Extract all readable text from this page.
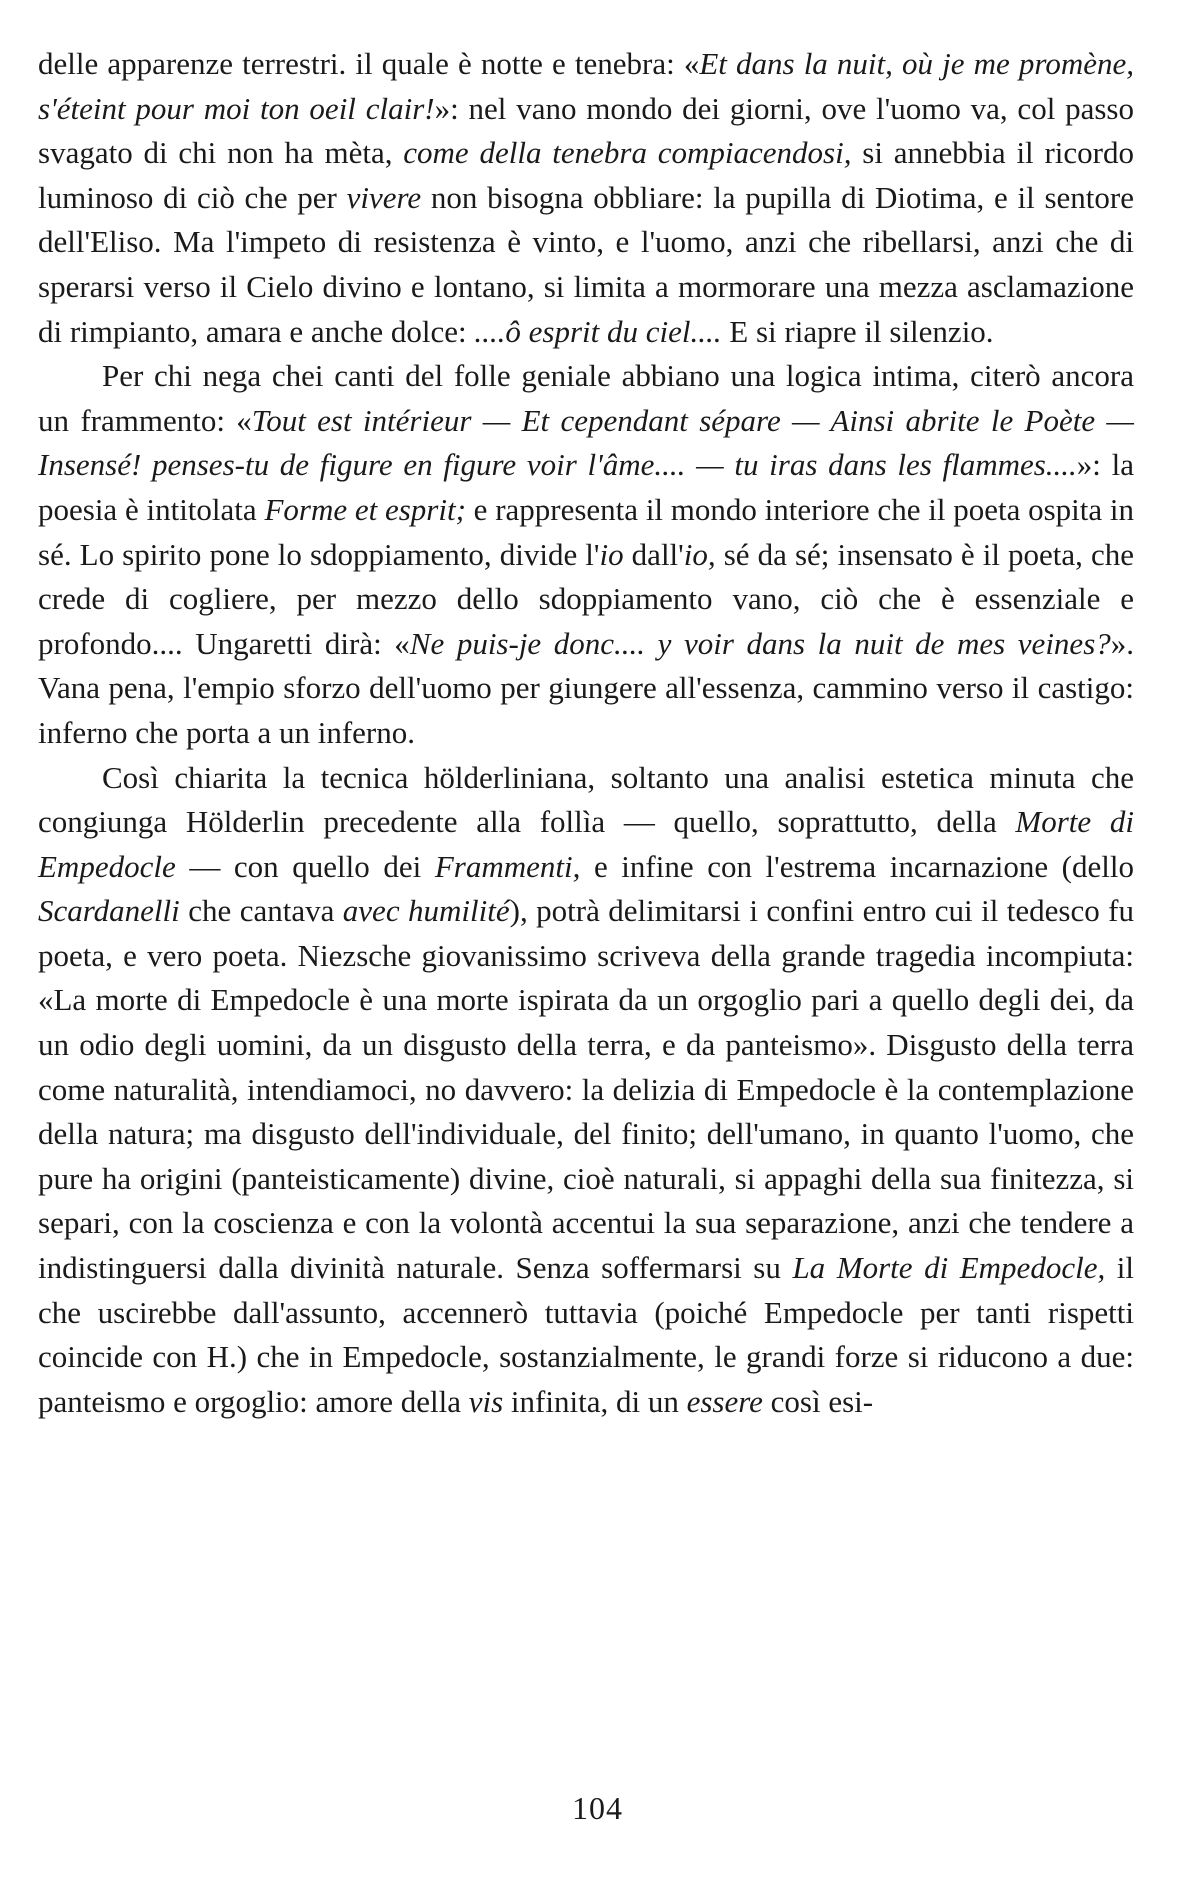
delle apparenze terrestri. il quale è notte e tenebra: «Et dans la nuit, où je me promène, s'éteint pour moi ton oeil clair!»: nel vano mondo dei giorni, ove l'uomo va, col passo svagato di chi non ha mèta, come della tenebra compiacendosi, si annebbia il ricordo luminoso di ciò che per vivere non bisogna obbliare: la pupilla di Diotima, e il sentore dell'Eliso. Ma l'impeto di resistenza è vinto, e l'uomo, anzi che ribellarsi, anzi che di sperarsi verso il Cielo divino e lontano, si limita a mormorare una mezza asclamazione di rimpianto, amara e anche dolce: ....ô esprit du ciel.... E si riapre il silenzio.

Per chi nega chei canti del folle geniale abbiano una logica intima, citerò ancora un frammento: «Tout est intérieur — Et cependant sépare — Ainsi abrite le Poète — Insensé! penses-tu de figure en figure voir l'âme.... — tu iras dans les flammes....»: la poesia è intitolata Forme et esprit; e rappresenta il mondo interiore che il poeta ospita in sé. Lo spirito pone lo sdoppiamento, divide l'io dall'io, sé da sé; insensato è il poeta, che crede di cogliere, per mezzo dello sdoppiamento vano, ciò che è essenziale e profondo.... Ungaretti dirà: «Ne puis-je donc.... y voir dans la nuit de mes veines?». Vana pena, l'empio sforzo dell'uomo per giungere all'essenza, cammino verso il castigo: inferno che porta a un inferno.

Così chiarita la tecnica hölderliniana, soltanto una analisi estetica minuta che congiunga Hölderlin precedente alla follìa — quello, soprattutto, della Morte di Empedocle — con quello dei Frammenti, e infine con l'estrema incarnazione (dello Scardanelli che cantava avec humilité), potrà delimitarsi i confini entro cui il tedesco fu poeta, e vero poeta. Niezsche giovanissimo scriveva della grande tragedia incompiuta: «La morte di Empedocle è una morte ispirata da un orgoglio pari a quello degli dei, da un odio degli uomini, da un disgusto della terra, e da panteismo». Disgusto della terra come naturalità, intendiamoci, no davvero: la delizia di Empedocle è la contemplazione della natura; ma disgusto dell'individuale, del finito; dell'umano, in quanto l'uomo, che pure ha origini (panteisticamente) divine, cioè naturali, si appaghi della sua finitezza, si separi, con la coscienza e con la volontà accentui la sua separazione, anzi che tendere a indistinguersi dalla divinità naturale. Senza soffermarsi su La Morte di Empedocle, il che uscirebbe dall'assunto, accennerò tuttavia (poiché Empedocle per tanti rispetti coincide con H.) che in Empedocle, sostanzialmente, le grandi forze si riducono a due: panteismo e orgoglio: amore della vis infinita, di un essere così esi-

104
